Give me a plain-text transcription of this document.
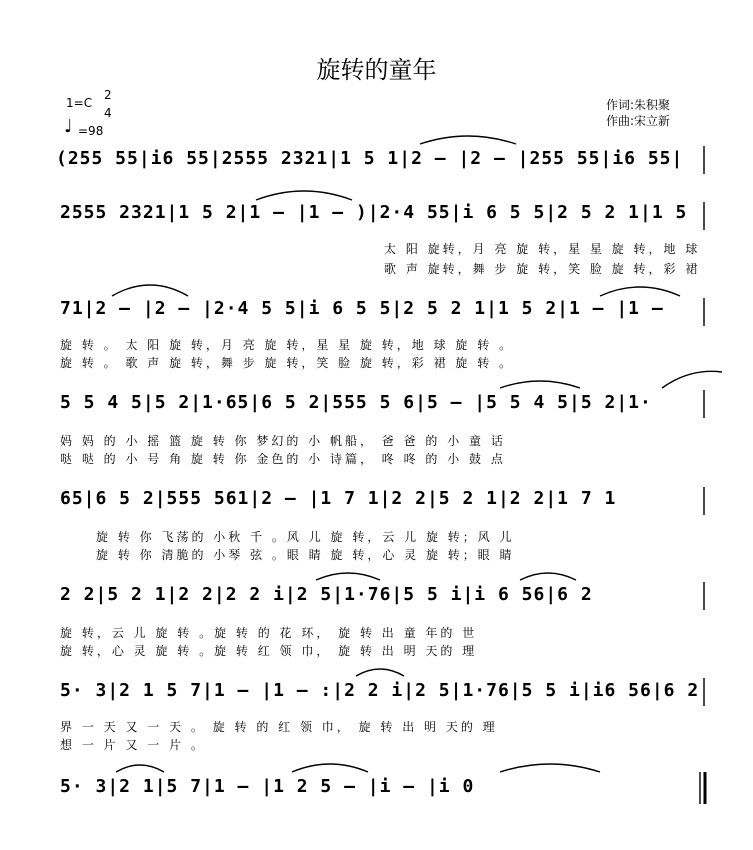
旋转的童年
1=C
2
4
♩ =98
作词:朱积聚
作曲:宋立新
(255 55|i6 55|2555 2321|1 5 1|2 – |2 – |255 55|i6 55|
2555 2321|1 5 2|1 – |1 – )|2·4 55|i 6 5 5|2 5 2 1|1 5
太 阳 旋转，月 亮 旋 转，星 星 旋 转，地 球
歌 声 旋转，舞 步 旋 转，笑 脸 旋 转，彩 裙
71|2 – |2 – |2·4 5 5|i 6 5 5|2 5 2 1|1 5 2|1 – |1 –
旋 转 。 太 阳 旋 转，月 亮 旋 转，星 星 旋 转，地 球 旋 转 。
旋 转 。 歌 声 旋 转，舞 步 旋 转，笑 脸 旋 转，彩 裙 旋 转 。
5 5 4 5|5 2|1·65|6 5 2|555 5 6|5 – |5 5 4 5|5 2|1·
妈 妈 的 小 摇 篮 旋 转 你 梦幻的 小 帆船， 爸 爸 的 小 童 话
哒 哒 的 小 号 角 旋 转 你 金色的 小 诗篇， 咚 咚 的 小 鼓 点
65|6 5 2|555 561|2 – |1 7 1|2 2|5 2 1|2 2|1 7 1
旋 转 你 飞荡的 小秋 千 。风 儿 旋 转，云 儿 旋 转；风 儿
旋 转 你 清脆的 小琴 弦 。眼 睛 旋 转，心 灵 旋 转；眼 睛
2 2|5 2 1|2 2|2 2 i|2 5|1·76|5 5 i|i 6 56|6 2
旋 转，云 儿 旋 转 。旋 转 的 花 环， 旋 转 出 童 年的 世
旋 转，心 灵 旋 转 。旋 转 红 领 巾， 旋 转 出 明 天的 理
5· 3|2 1 5 7|1 – |1 – :|2 2 i|2 5|1·76|5 5 i|i6 56|6 2
界 一 天 又 一 天 。 旋 转 的 红 领 巾， 旋 转 出 明 天的 理
想 一 片 又 一 片 。
5· 3|2 1|5 7|1 – |1 2 5 – |i – |i 0
